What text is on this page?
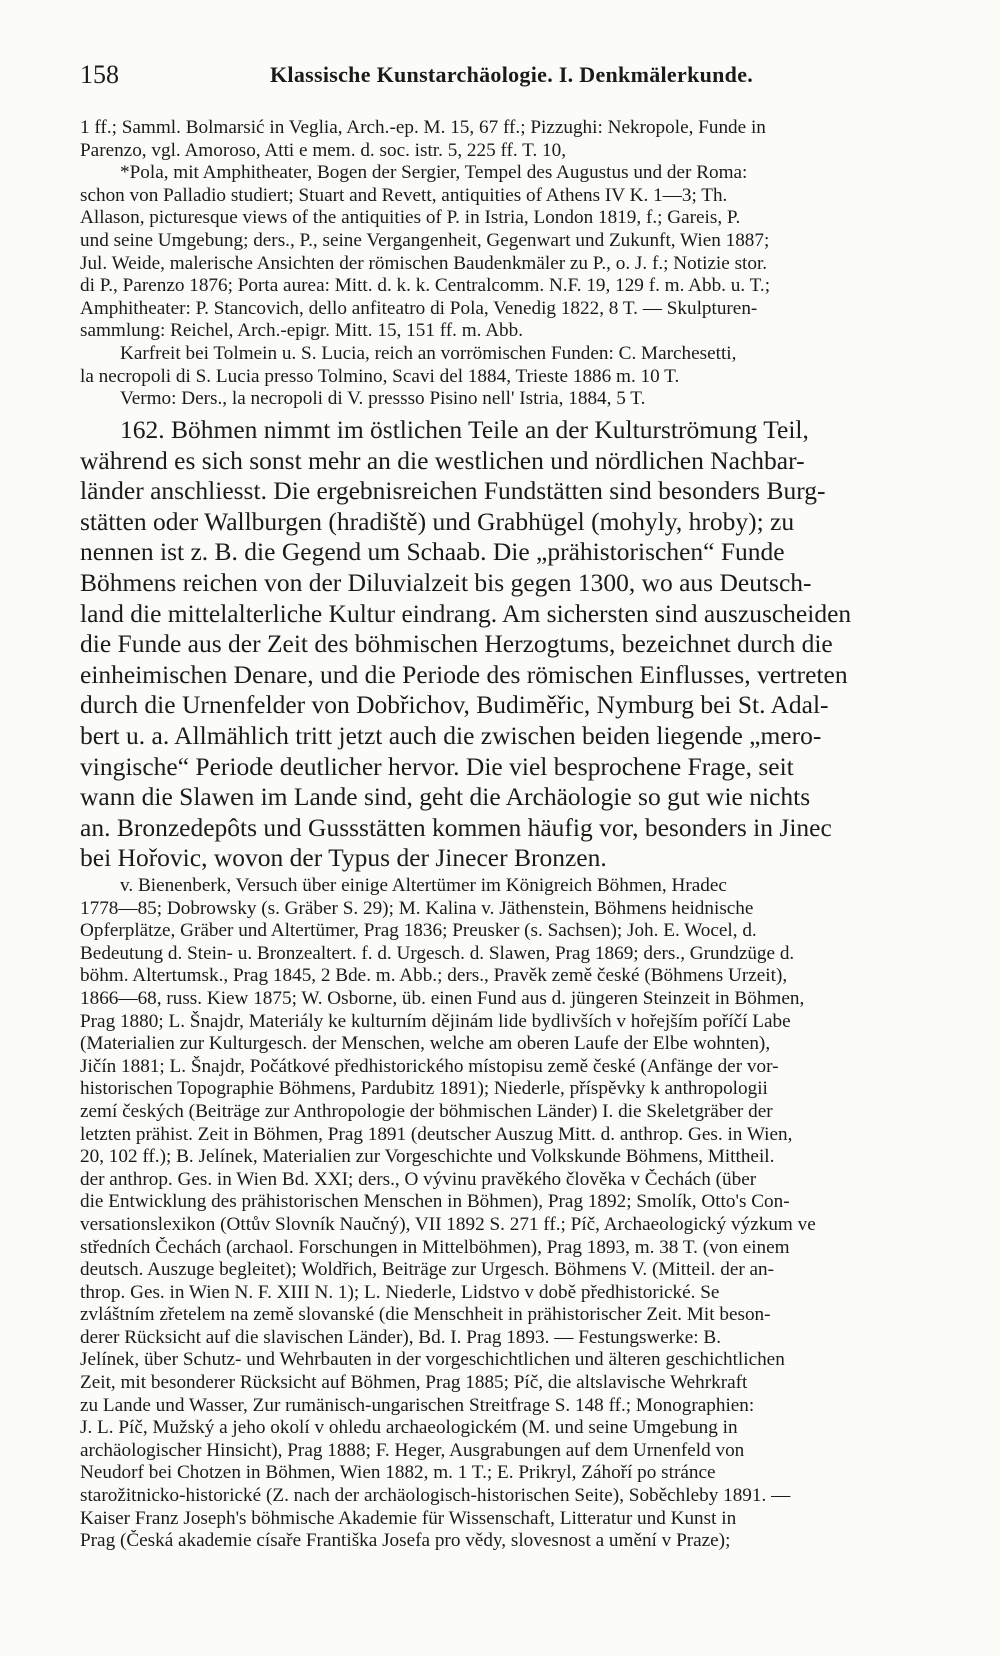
158	Klassische Kunstarchäologie. I. Denkmälerkunde.
1 ff.; Samml. Bolmarsić in Veglia, Arch.-ep. M. 15, 67 ff.; Pizzughi: Nekropole, Funde in
Parenzo, vgl. Amoroso, Atti e mem. d. soc. istr. 5, 225 ff. T. 10,
*Pola, mit Amphitheater, Bogen der Sergier, Tempel des Augustus und der Roma:
schon von Palladio studiert; Stuart and Revett, antiquities of Athens IV K. 1—3; Th.
Allason, picturesque views of the antiquities of P. in Istria, London 1819, f.; Gareis, P.
und seine Umgebung; ders., P., seine Vergangenheit, Gegenwart und Zukunft, Wien 1887;
Jul. Weide, malerische Ansichten der römischen Baudenkmäler zu P., o. J. f.; Notizie stor.
di P., Parenzo 1876; Porta aurea: Mitt. d. k. k. Centralcomm. N.F. 19, 129 f. m. Abb. u. T.;
Amphitheater: P. Stancovich, dello anfiteatro di Pola, Venedig 1822, 8 T. — Skulpturen-
sammlung: Reichel, Arch.-epigr. Mitt. 15, 151 ff. m. Abb.
Karfreit bei Tolmein u. S. Lucia, reich an vorrömischen Funden: C. Marchesetti,
la necropoli di S. Lucia presso Tolmino, Scavi del 1884, Trieste 1886 m. 10 T.
Vermo: Ders., la necropoli di V. pressso Pisino nell' Istria, 1884, 5 T.
162. Böhmen nimmt im östlichen Teile an der Kulturströmung Teil,
während es sich sonst mehr an die westlichen und nördlichen Nachbar-
länder anschliesst. Die ergebnisreichen Fundstätten sind besonders Burg-
stätten oder Wallburgen (hradiště) und Grabhügel (mohyly, hroby); zu
nennen ist z. B. die Gegend um Schaab. Die „prähistorischen“ Funde
Böhmens reichen von der Diluvialzeit bis gegen 1300, wo aus Deutsch-
land die mittelalterliche Kultur eindrang. Am sichersten sind auszuscheiden
die Funde aus der Zeit des böhmischen Herzogtums, bezeichnet durch die
einheimischen Denare, und die Periode des römischen Einflusses, vertreten
durch die Urnenfelder von Dobřichov, Budiměřic, Nymburg bei St. Adal-
bert u. a. Allmählich tritt jetzt auch die zwischen beiden liegende „mero-
vingische“ Periode deutlicher hervor. Die viel besprochene Frage, seit
wann die Slawen im Lande sind, geht die Archäologie so gut wie nichts
an. Bronzedepôts und Gussstätten kommen häufig vor, besonders in Jinec
bei Hořovic, wovon der Typus der Jinecer Bronzen.
v. Bienenberk, Versuch über einige Altertümer im Königreich Böhmen, Hradec
1778—85; Dobrowsky (s. Gräber S. 29); M. Kalina v. Jäthenstein, Böhmens heidnische
Opferplätze, Gräber und Altertümer, Prag 1836; Preusker (s. Sachsen); Joh. E. Wocel, d.
Bedeutung d. Stein- u. Bronzealtert. f. d. Urgesch. d. Slawen, Prag 1869; ders., Grundzüge d.
böhm. Altertumsk., Prag 1845, 2 Bde. m. Abb.; ders., Pravěk země české (Böhmens Urzeit),
1866—68, russ. Kiew 1875; W. Osborne, üb. einen Fund aus d. jüngeren Steinzeit in Böhmen,
Prag 1880; L. Šnajdr, Materiály ke kulturním dějinám lide bydlivších v hořejším poříčí Labe
(Materialien zur Kulturgesch. der Menschen, welche am oberen Laufe der Elbe wohnten),
Jičín 1881; L. Šnajdr, Počátkové předhistorického místopisu země české (Anfänge der vor-
historischen Topographie Böhmens, Pardubitz 1891); Niederle, příspěvky k anthropologii
zemí českých (Beiträge zur Anthropologie der böhmischen Länder) I. die Skeletgräber der
letzten prähist. Zeit in Böhmen, Prag 1891 (deutscher Auszug Mitt. d. anthrop. Ges. in Wien,
20, 102 ff.); B. Jelínek, Materialien zur Vorgeschichte und Volkskunde Böhmens, Mittheil.
der anthrop. Ges. in Wien Bd. XXI; ders., O vývinu pravěkého člověka v Čechách (über
die Entwicklung des prähistorischen Menschen in Böhmen), Prag 1892; Smolík, Otto's Con-
versationslexikon (Ottův Slovník Naučný), VII 1892 S. 271 ff.; Píč, Archaeologický výzkum ve
středních Čechách (archaol. Forschungen in Mittelböhmen), Prag 1893, m. 38 T. (von einem
deutsch. Auszuge begleitet); Woldřich, Beiträge zur Urgesch. Böhmens V. (Mitteil. der an-
throp. Ges. in Wien N. F. XIII N. 1); L. Niederle, Lidstvo v době předhistorické. Se
zvláštním zřetelem na země slovanské (die Menschheit in prähistorischer Zeit. Mit beson-
derer Rücksicht auf die slavischen Länder), Bd. I. Prag 1893. — Festungswerke: B.
Jelínek, über Schutz- und Wehrbauten in der vorgeschichtlichen und älteren geschichtlichen
Zeit, mit besonderer Rücksicht auf Böhmen, Prag 1885; Píč, die altslavische Wehrkraft
zu Lande und Wasser, Zur rumänisch-ungarischen Streitfrage S. 148 ff.; Monographien:
J. L. Píč, Mužský a jeho okolí v ohledu archaeologickém (M. und seine Umgebung in
archäologischer Hinsicht), Prag 1888; F. Heger, Ausgrabungen auf dem Urnenfeld von
Neudorf bei Chotzen in Böhmen, Wien 1882, m. 1 T.; E. Prikryl, Záhoří po stránce
starožitnicko-historické (Z. nach der archäologisch-historischen Seite), Soběchleby 1891. —
Kaiser Franz Joseph's böhmische Akademie für Wissenschaft, Litteratur und Kunst in
Prag (Česká akademie císaře Františka Josefa pro vědy, slovesnost a umění v Praze);
